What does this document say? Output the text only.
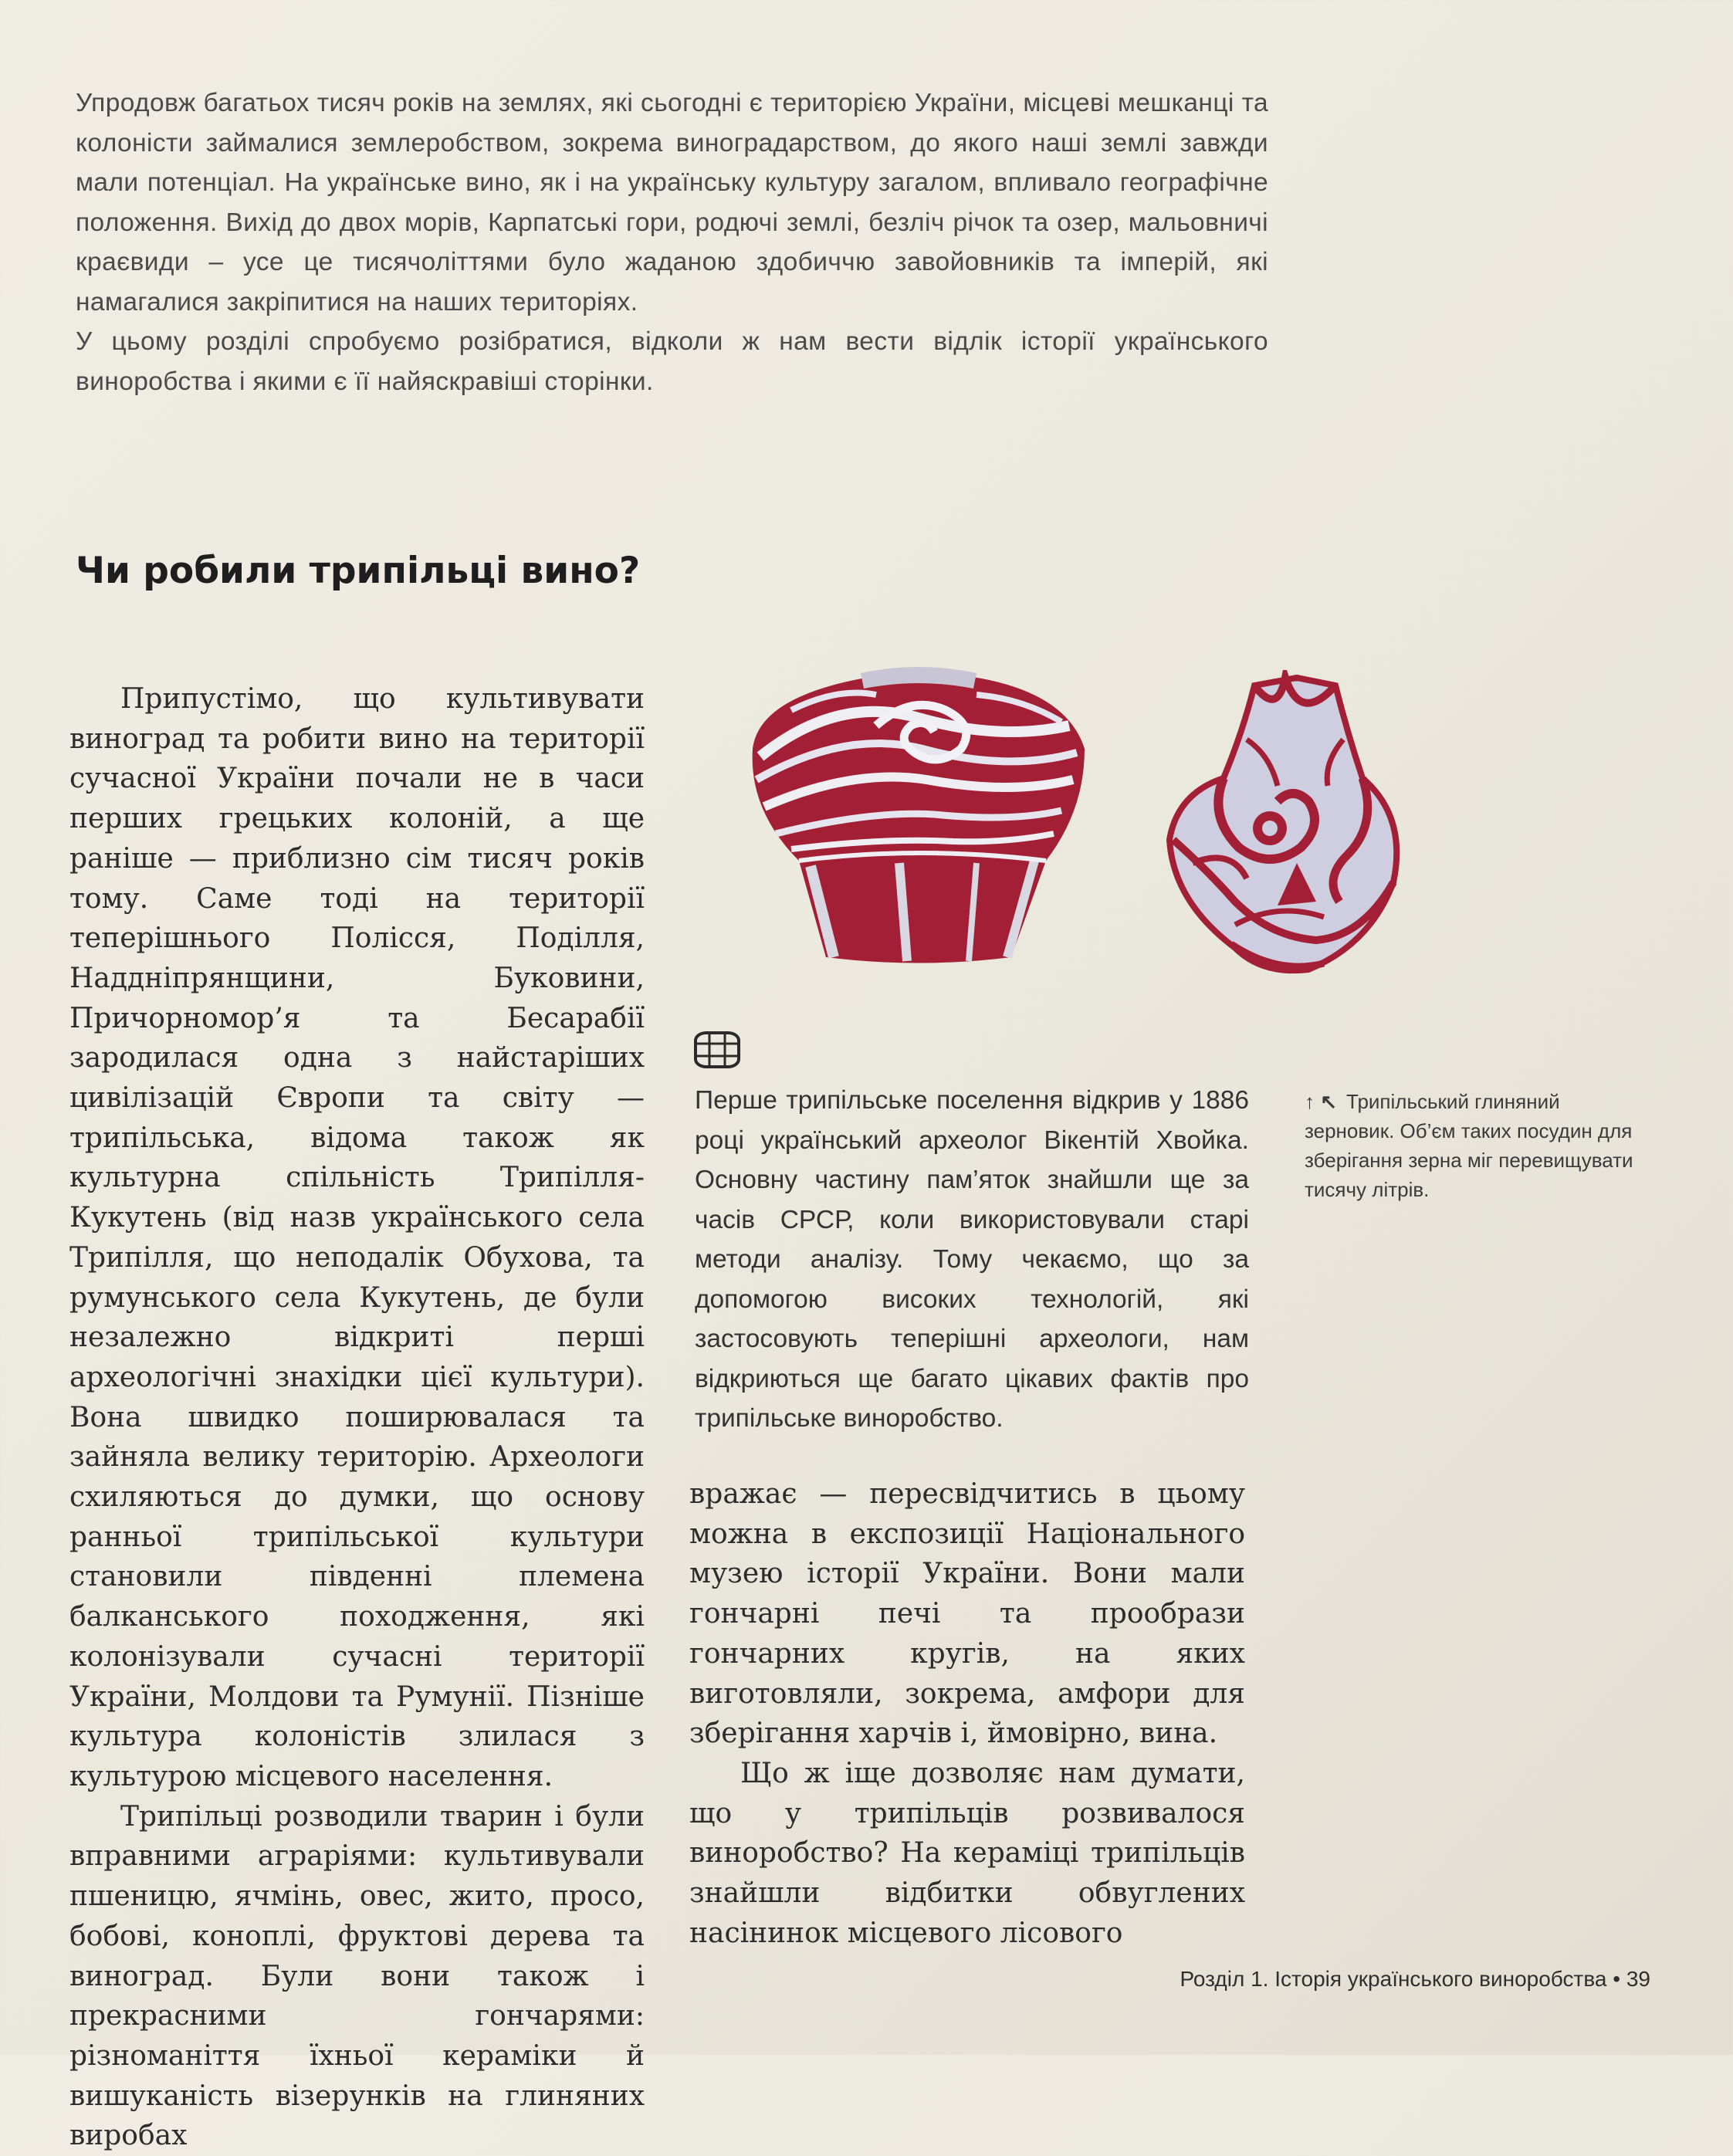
Упродовж багатьох тисяч років на землях, які сьогодні є територією України, місцеві мешканці та колоністи займалися землеробством, зокрема виноградарством, до якого наші землі завжди мали потенціал. На українське вино, як і на українську культуру загалом, впливало географічне положення. Вихід до двох морів, Карпатські гори, родючі землі, безліч річок та озер, мальовничі краєвиди – усе це тисячоліттями було жаданою здобиччю завойовників та імперій, які намагалися закріпитися на наших територіях.

У цьому розділі спробуємо розібратися, відколи ж нам вести відлік історії українського виноробства і якими є її найяскравіші сторінки.

Чи робили трипільці вино?

Припустімо, що культивувати виноград та робити вино на території сучасної України почали не в часи перших грецьких колоній, а ще раніше — приблизно сім тисяч років тому. Саме тоді на території теперішнього Полісся, Поділля, Наддніпрянщини, Буковини, Причорномор’я та Бесарабії зародилася одна з найстаріших цивілізацій Європи та світу — трипільська, відома також як культурна спільність Трипілля-Кукутень (від назв українського села Трипілля, що неподалік Обухова, та румунського села Кукутень, де були незалежно відкриті перші археологічні знахідки цієї культури). Вона швидко поширювалася та зайняла велику територію. Археологи схиляються до думки, що основу ранньої трипільської культури становили південні племена балканського походження, які колонізували сучасні території України, Молдови та Румунії. Пізніше культура колоністів злилася з культурою місцевого населення.

Трипільці розводили тварин і були вправними аграріями: культивували пшеницю, ячмінь, овес, жито, просо, бобові, коноплі, фруктові дерева та виноград. Були вони також і прекрасними гончарями: різноманіття їхньої кераміки й вишуканість візерунків на глиняних виробах

Перше трипільське поселення відкрив у 1886 році український археолог Вікентій Хвойка. Основну частину пам’яток знайшли ще за часів СРСР, коли використовували старі методи аналізу. Тому чекаємо, що за допомогою високих технологій, які застосовують теперішні археологи, нам відкриються ще багато цікавих фактів про трипільське виноробство.

↑ ↖ Трипільський глиняний зерновик. Об’єм таких посудин для зберігання зерна міг перевищувати тисячу літрів.

вражає — пересвідчитись в цьому можна в експозиції Національного музею історії України. Вони мали гончарні печі та прообрази гончарних кругів, на яких виготовляли, зокрема, амфори для зберігання харчів і, ймовірно, вина.

Що ж іще дозволяє нам думати, що у трипільців розвивалося виноробство? На кераміці трипільців знайшли відбитки обвуглених насінинок місцевого лісового

Розділ 1. Історія українського виноробства • 39
